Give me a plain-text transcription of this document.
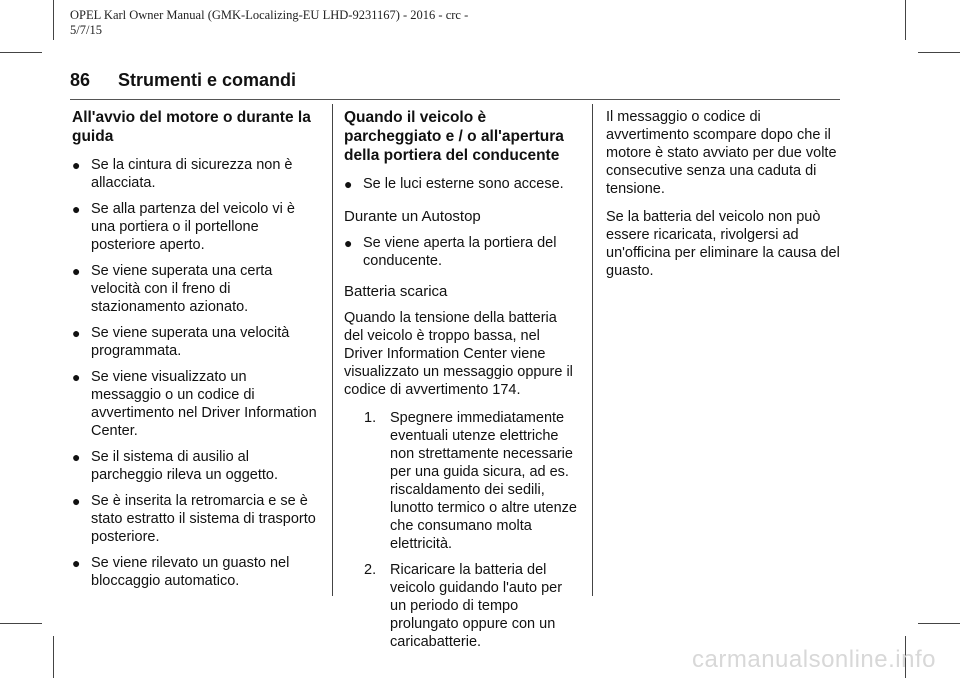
OPEL Karl Owner Manual (GMK-Localizing-EU LHD-9231167) - 2016 - crc -
5/7/15
86 Strumenti e comandi
All'avvio del motore o durante la guida
● Se la cintura di sicurezza non è allacciata.
● Se alla partenza del veicolo vi è una portiera o il portellone posteriore aperto.
● Se viene superata una certa velocità con il freno di stazionamento azionato.
● Se viene superata una velocità programmata.
● Se viene visualizzato un messaggio o un codice di avvertimento nel Driver Information Center.
● Se il sistema di ausilio al parcheggio rileva un oggetto.
● Se è inserita la retromarcia e se è stato estratto il sistema di trasporto posteriore.
● Se viene rilevato un guasto nel bloccaggio automatico.
Quando il veicolo è parcheggiato e / o all'apertura della portiera del conducente
● Se le luci esterne sono accese.
Durante un Autostop
● Se viene aperta la portiera del conducente.
Batteria scarica

Quando la tensione della batteria del veicolo è troppo bassa, nel Driver Information Center viene visualizzato un messaggio oppure il codice di avvertimento 174.

1. Spegnere immediatamente eventuali utenze elettriche non strettamente necessarie per una guida sicura, ad es. riscaldamento dei sedili, lunotto termico o altre utenze che consumano molta elettricità.
2. Ricaricare la batteria del veicolo guidando l'auto per un periodo di tempo prolungato oppure con un caricabatterie.

Il messaggio o codice di avvertimento scompare dopo che il motore è stato avviato per due volte consecutive senza una caduta di tensione.

Se la batteria del veicolo non può essere ricaricata, rivolgersi ad un'officina per eliminare la causa del guasto.

carmanualsonline.info
